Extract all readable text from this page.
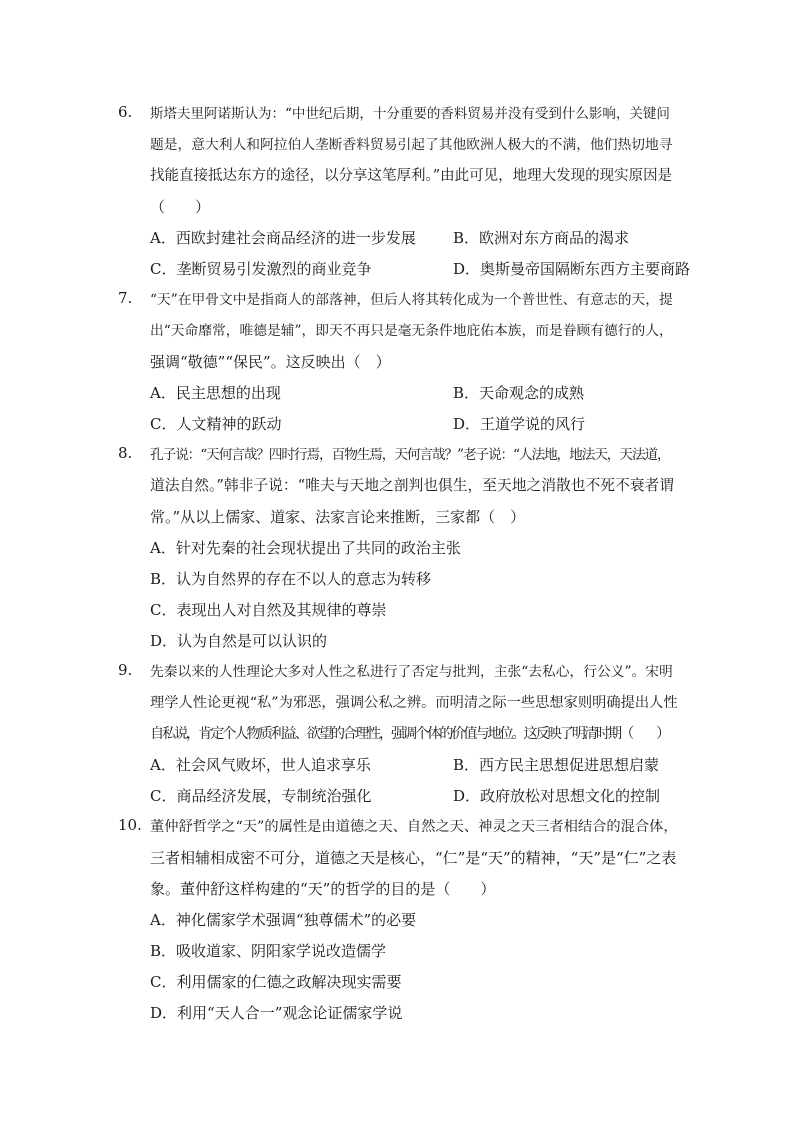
6.	斯塔夫里阿诺斯认为：“中世纪后期，十分重要的香料贸易并没有受到什么影响，关键问
题是，意大利人和阿拉伯人垄断香料贸易引起了其他欧洲人极大的不满，他们热切地寻
找能直接抵达东方的途径，以分享这笔厚利。”由此可见，地理大发现的现实原因是
（　　）
A．西欧封建社会商品经济的进一步发展 B．欧洲对东方商品的渴求
C．垄断贸易引发激烈的商业竞争	D．奥斯曼帝国隔断东西方主要商路
7.	“天”在甲骨文中是指商人的部落神，但后人将其转化成为一个普世性、有意志的天，提
出“天命靡常，唯德是辅”，即天不再只是毫无条件地庇佑本族，而是眷顾有德行的人，
强调“敬德”“保民”。这反映出（　）
A．民主思想的出现	B．天命观念的成熟
C．人文精神的跃动	D．王道学说的风行
8.	孔子说：“天何言哉？四时行焉，百物生焉，天何言哉？”老子说：“人法地，地法天，天法道，
道法自然。”韩非子说：“唯夫与天地之剖判也俱生，至天地之消散也不死不衰者谓
常。”从以上儒家、道家、法家言论来推断，三家都（　）
A．针对先秦的社会现状提出了共同的政治主张
B．认为自然界的存在不以人的意志为转移
C．表现出人对自然及其规律的尊崇
D．认为自然是可以认识的
9.	先秦以来的人性理论大多对人性之私进行了否定与批判，主张“去私心，行公义”。宋明
理学人性论更视“私”为邪恶，强调公私之辨。而明清之际一些思想家则明确提出人性
自私说，肯定个人物质利益、欲望的合理性，强调个体的价值与地位。这反映了明清时期（　　）
A．社会风气败坏，世人追求享乐	B．西方民主思想促进思想启蒙
C．商品经济发展，专制统治强化	D．政府放松对思想文化的控制
10. 董仲舒哲学之“天”的属性是由道德之天、自然之天、神灵之天三者相结合的混合体，
三者相辅相成密不可分，道德之天是核心，“仁”是“天”的精神，“天”是“仁”之表
象。董仲舒这样构建的“天”的哲学的目的是（　　）
A．神化儒家学术强调“独尊儒术”的必要
B．吸收道家、阴阳家学说改造儒学
C．利用儒家的仁德之政解决现实需要
D．利用“天人合一”观念论证儒家学说
